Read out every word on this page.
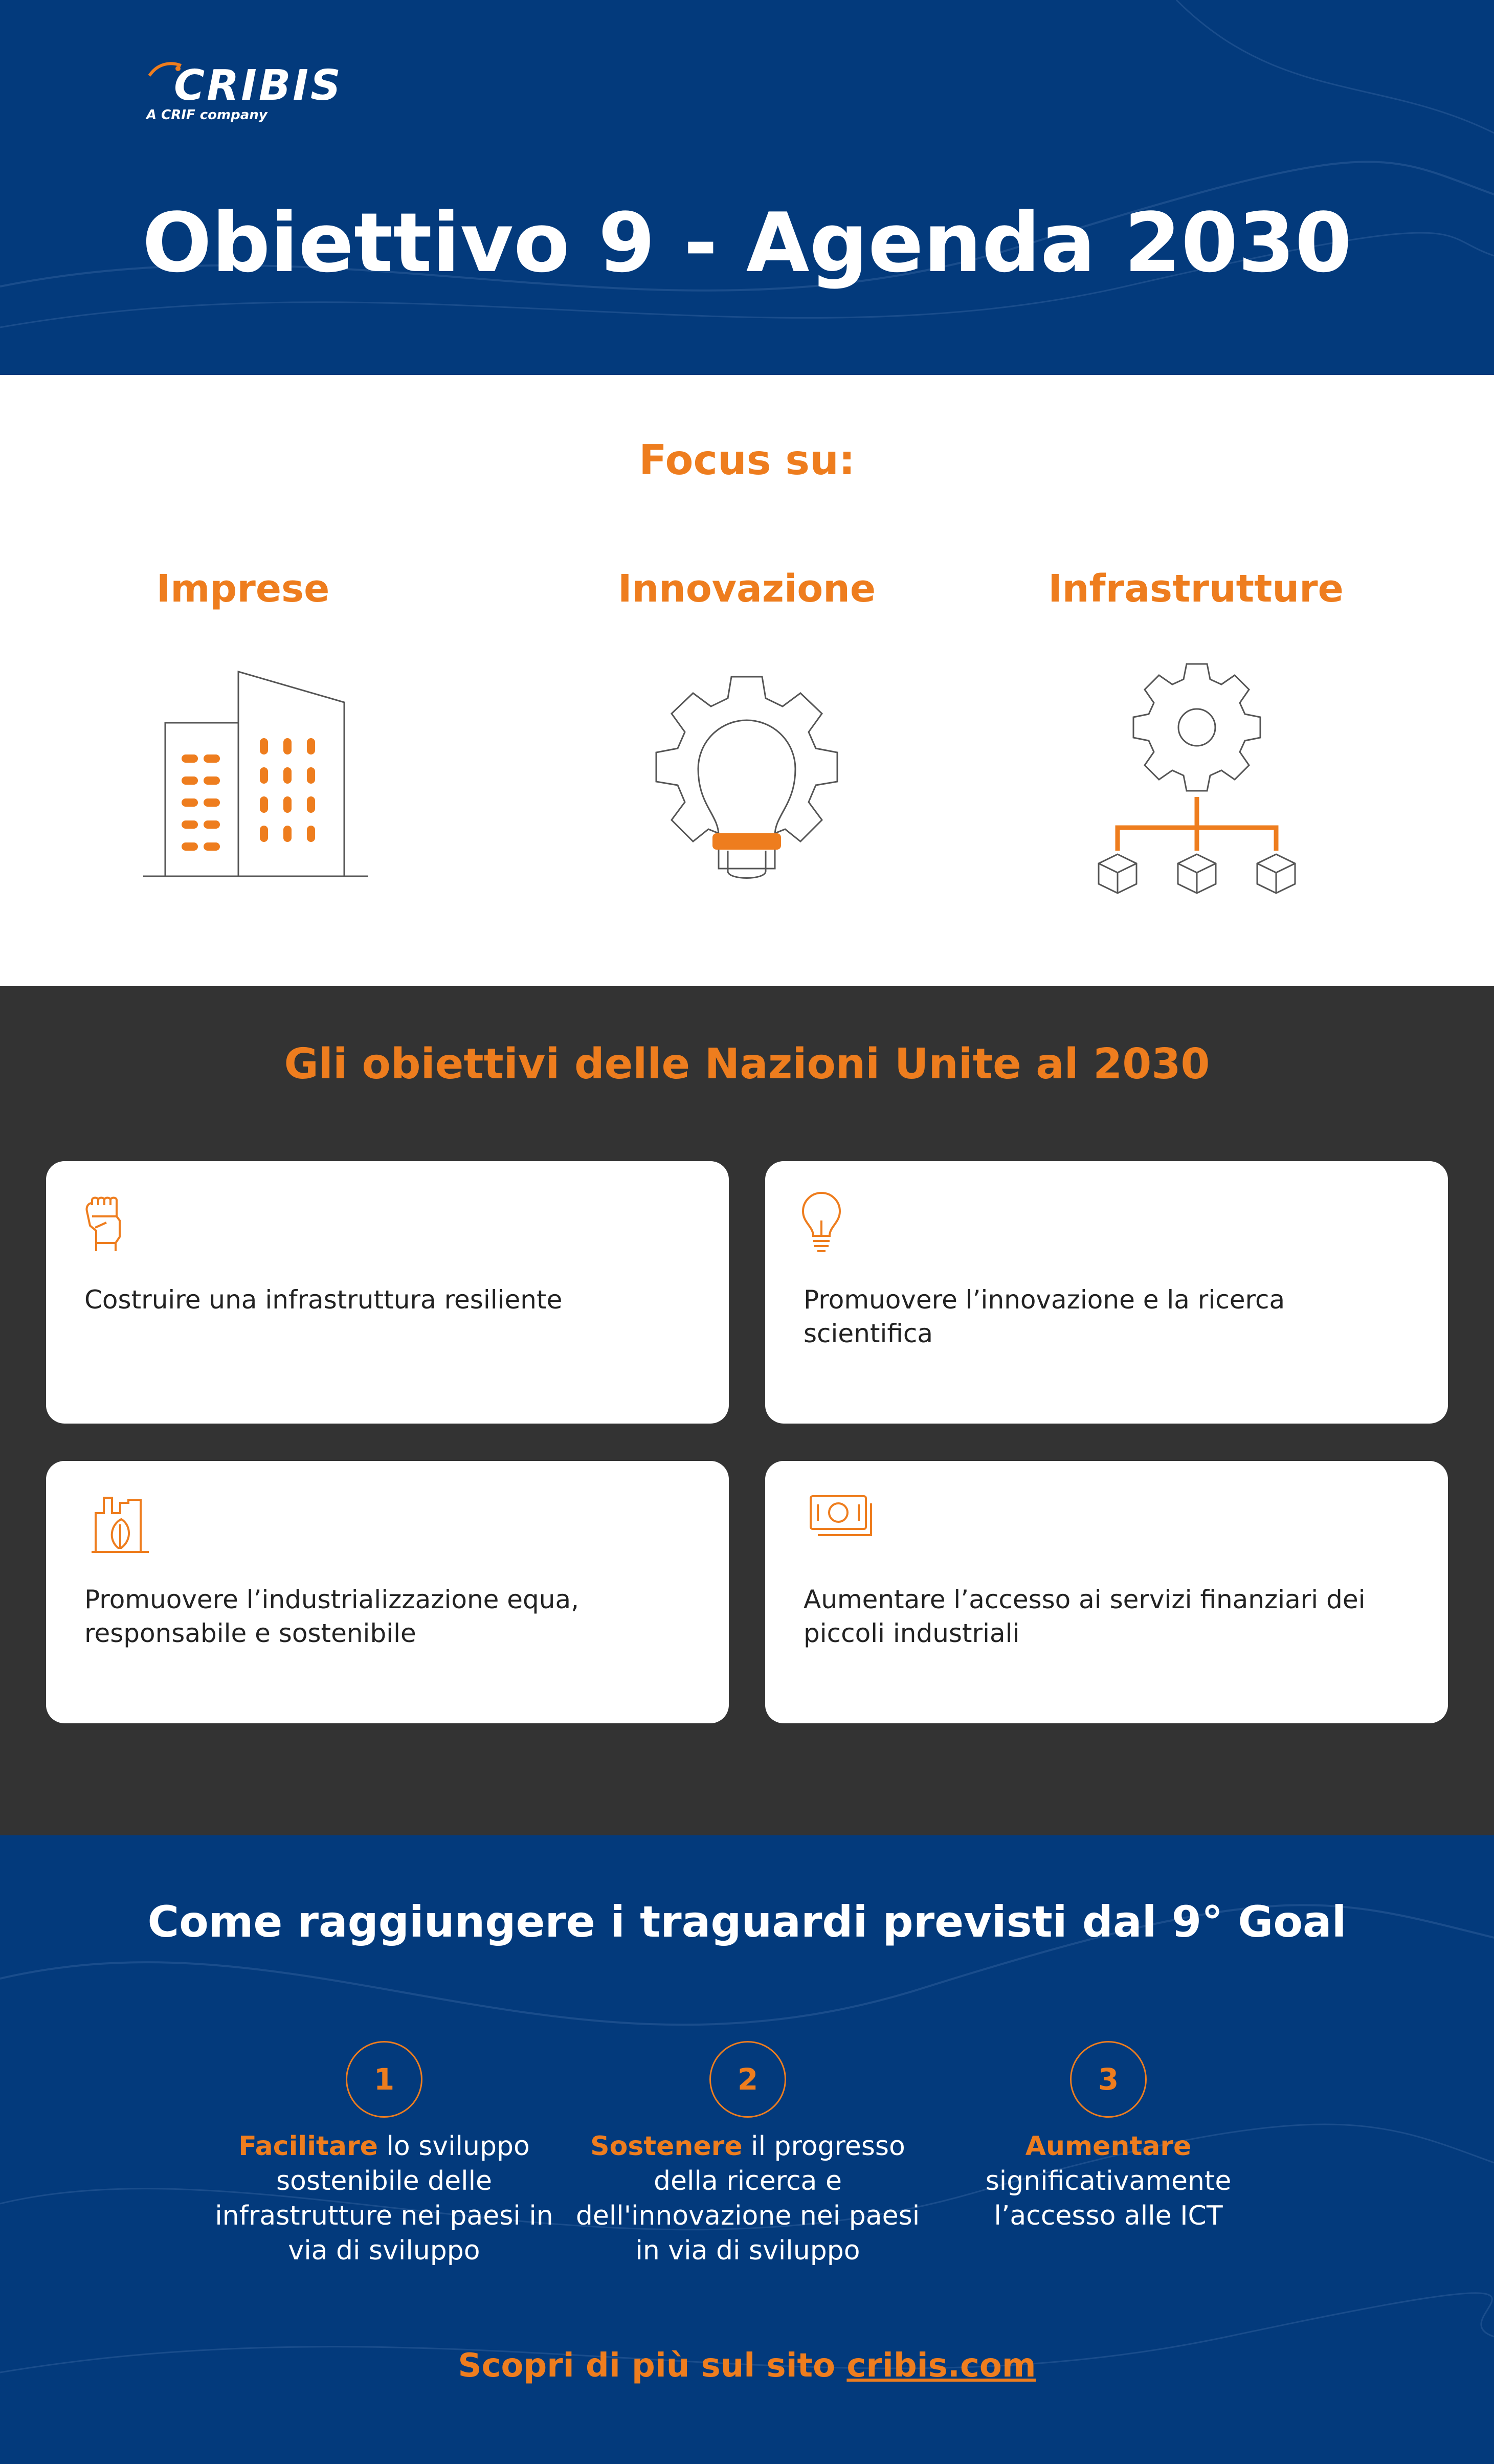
CRIBIS
A CRIF company
Obiettivo 9 - Agenda 2030
Focus su:
Imprese	Innovazione	Infrastrutture
Gli obiettivi delle Nazioni Unite al 2030
Costruire una infrastruttura resiliente	Promuovere l’innovazione e la ricerca scientifica
Promuovere l’industrializzazione equa, responsabile e sostenibile
Aumentare l’accesso ai servizi finanziari dei piccoli industriali
Come raggiungere i traguardi previsti dal 9° Goal
1	2	3
Facilitare lo sviluppo sostenibile delle infrastrutture nei paesi in via di sviluppo
Sostenere il progresso della ricerca e dell'innovazione nei paesi in via di sviluppo
Aumentare
significativamente l’accesso alle ICT
Scopri di più sul sito cribis.com
